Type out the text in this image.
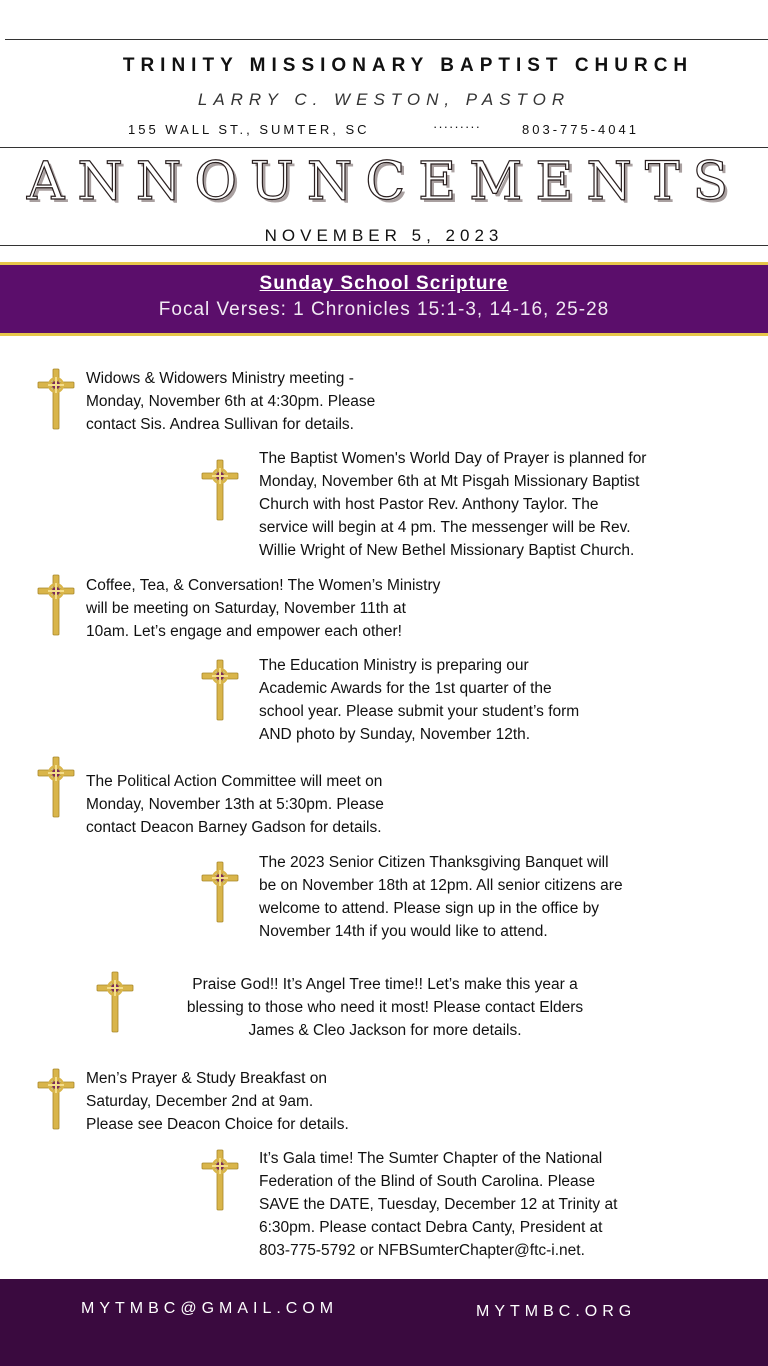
TRINITY MISSIONARY BAPTIST CHURCH
LARRY C. WESTON, PASTOR
155 WALL ST., SUMTER, SC	·········	803-775-4041
ANNOUNCEMENTS
NOVEMBER 5, 2023
Sunday School Scripture
Focal Verses: 1 Chronicles 15:1-3, 14-16, 25-28
Widows & Widowers Ministry meeting -
Monday, November 6th at 4:30pm. Please
contact Sis. Andrea Sullivan for details.
The Baptist Women's World Day of Prayer is planned for
Monday, November 6th at Mt Pisgah Missionary Baptist
Church with host Pastor Rev. Anthony Taylor. The
service will begin at 4 pm. The messenger will be Rev.
Willie Wright of New Bethel Missionary Baptist Church.
Coffee, Tea, & Conversation! The Women’s Ministry
will be meeting on Saturday, November 11th at
10am. Let’s engage and empower each other!
The Education Ministry is preparing our
Academic Awards for the 1st quarter of the
school year. Please submit your student’s form
AND photo by Sunday, November 12th.
The Political Action Committee will meet on
Monday, November 13th at 5:30pm. Please
contact Deacon Barney Gadson for details.
The 2023 Senior Citizen Thanksgiving Banquet will
be on November 18th at 12pm. All senior citizens are
welcome to attend. Please sign up in the office by
November 14th if you would like to attend.
Praise God!! It’s Angel Tree time!! Let’s make this year a
blessing to those who need it most! Please contact Elders
James & Cleo Jackson for more details.
Men’s Prayer & Study Breakfast on
Saturday, December 2nd at 9am.
Please see Deacon Choice for details.
It’s Gala time! The Sumter Chapter of the National
Federation of the Blind of South Carolina. Please
SAVE the DATE, Tuesday, December 12 at Trinity at
6:30pm. Please contact Debra Canty, President at
803-775-5792 or NFBSumterChapter@ftc-i.net.
MYTMBC@GMAIL.COM	MYTMBC.ORG
